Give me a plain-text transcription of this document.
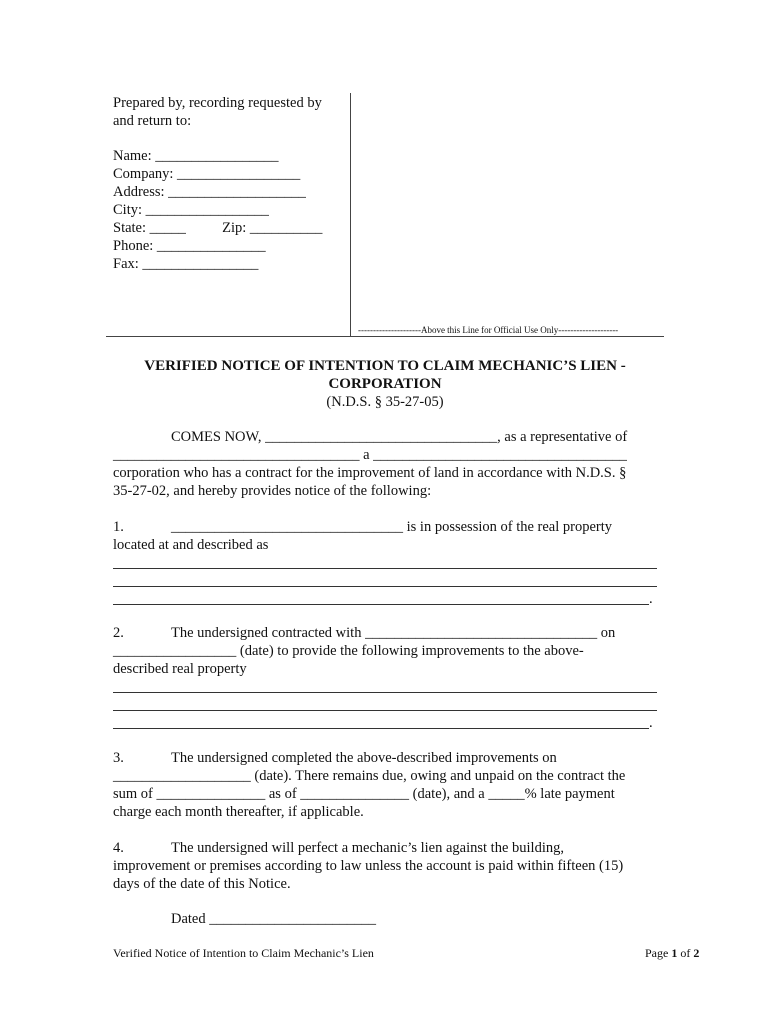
Prepared by, recording requested by
and return to:
Name: _________________
Company: _________________
Address: ___________________
City: _________________
State: _____          Zip: __________
Phone: _______________
Fax: ________________
---------------------Above this Line for Official Use Only--------------------
VERIFIED NOTICE OF INTENTION TO CLAIM MECHANIC’S LIEN -
CORPORATION
(N.D.S. § 35-27-05)
COMES NOW, ________________________________, as a representative of
__________________________________ a ___________________________________
corporation who has a contract for the improvement of land in accordance with N.D.S. §
35-27-02, and hereby provides notice of the following:
1.	________________________________ is in possession of the real property
located at and described as
.
2.	The undersigned contracted with ________________________________ on
_________________ (date) to provide the following improvements to the above-
described real property
.
3.	The undersigned completed the above-described improvements on
___________________ (date). There remains due, owing and unpaid on the contract the
sum of _______________ as of _______________ (date), and a _____% late payment
charge each month thereafter, if applicable.
4.	The undersigned will perfect a mechanic’s lien against the building,
improvement or premises according to law unless the account is paid within fifteen (15)
days of the date of this Notice.
Dated _______________________
Verified Notice of Intention to Claim Mechanic’s Lien	Page 1 of 2
